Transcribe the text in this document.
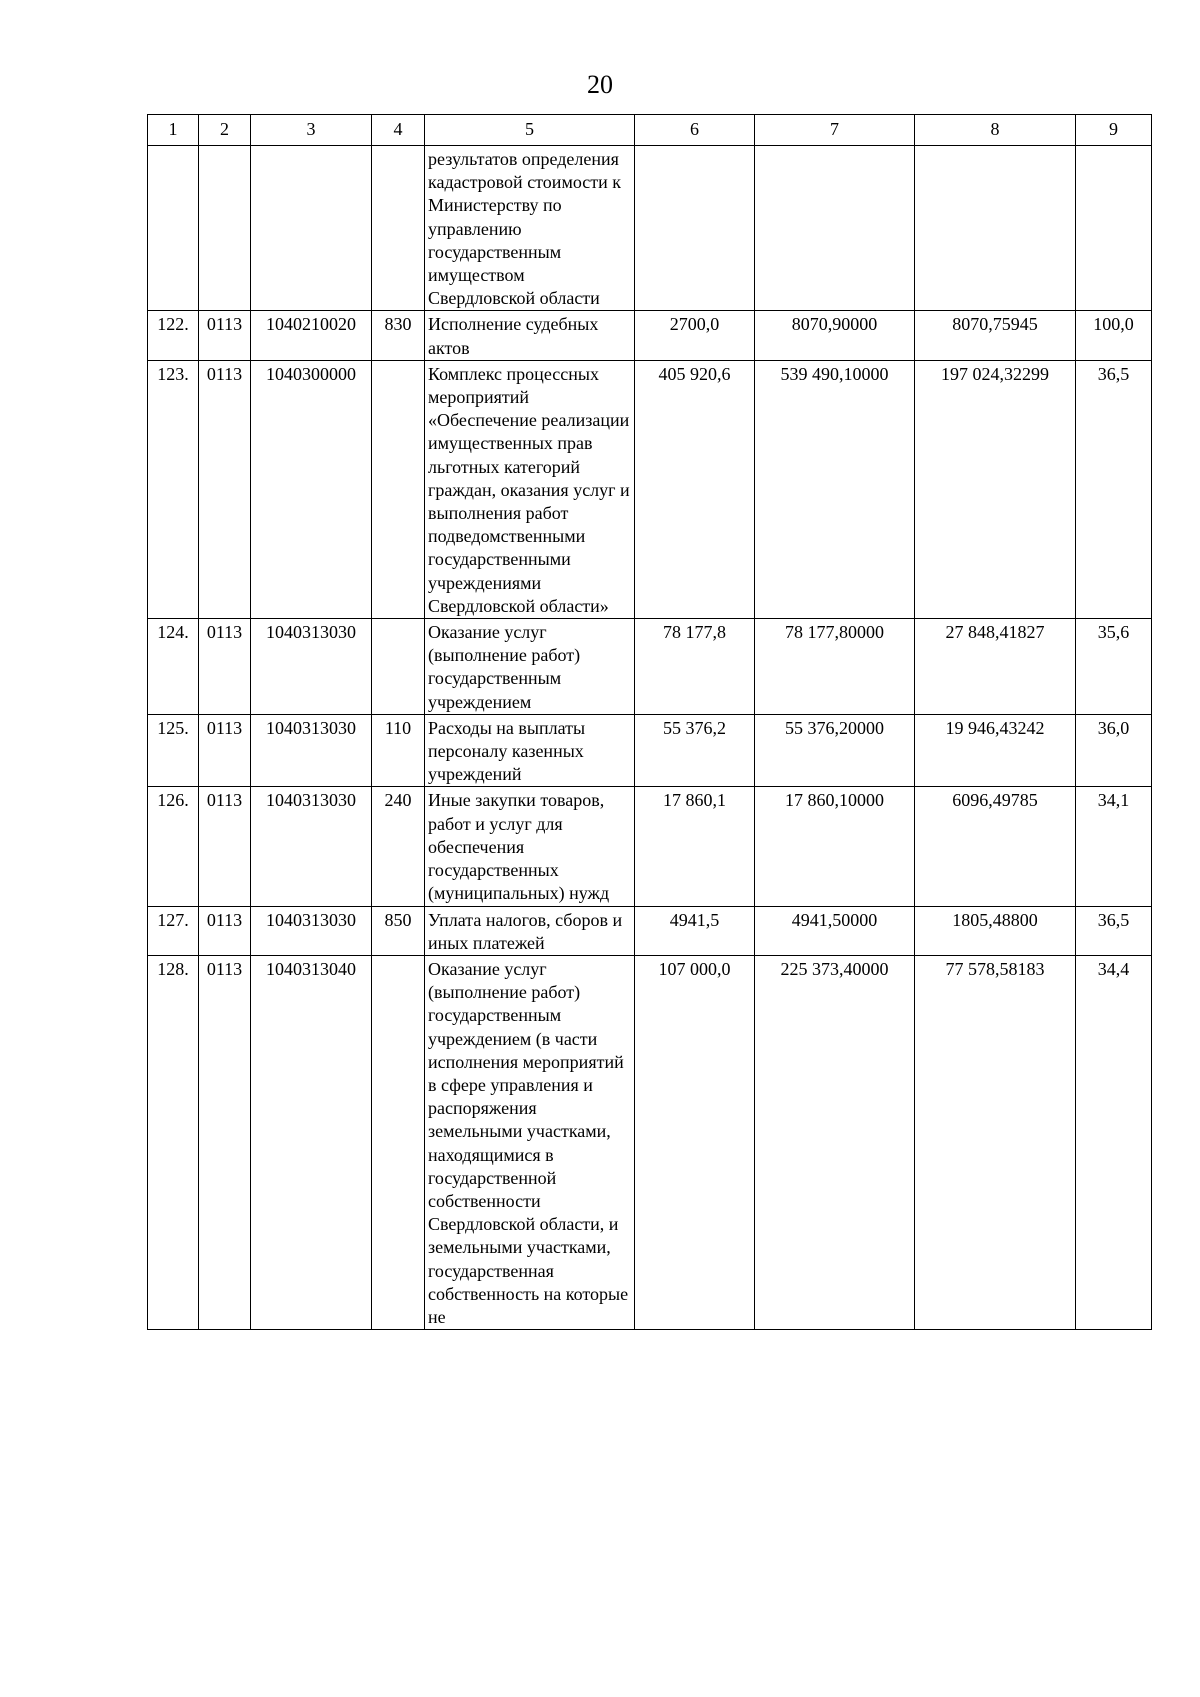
20
1	2	3	4	5	6	7	8	9
				результатов определения кадастровой стоимости к Министерству по управлению государственным имуществом Свердловской области				
122.	0113	1040210020	830	Исполнение судебных актов	2700,0	8070,90000	8070,75945	100,0
123.	0113	1040300000		Комплекс процессных мероприятий «Обеспечение реализации имущественных прав льготных категорий граждан, оказания услуг и выполнения работ подведомственными государственными учреждениями Свердловской области»	405 920,6	539 490,10000	197 024,32299	36,5
124.	0113	1040313030		Оказание услуг (выполнение работ) государственным учреждением	78 177,8	78 177,80000	27 848,41827	35,6
125.	0113	1040313030	110	Расходы на выплаты персоналу казенных учреждений	55 376,2	55 376,20000	19 946,43242	36,0
126.	0113	1040313030	240	Иные закупки товаров, работ и услуг для обеспечения государственных (муниципальных) нужд	17 860,1	17 860,10000	6096,49785	34,1
127.	0113	1040313030	850	Уплата налогов, сборов и иных платежей	4941,5	4941,50000	1805,48800	36,5
128.	0113	1040313040		Оказание услуг (выполнение работ) государственным учреждением (в части исполнения мероприятий в сфере управления и распоряжения земельными участками, находящимися в государственной собственности Свердловской области, и земельными участками, государственная собственность на которые не	107 000,0	225 373,40000	77 578,58183	34,4
